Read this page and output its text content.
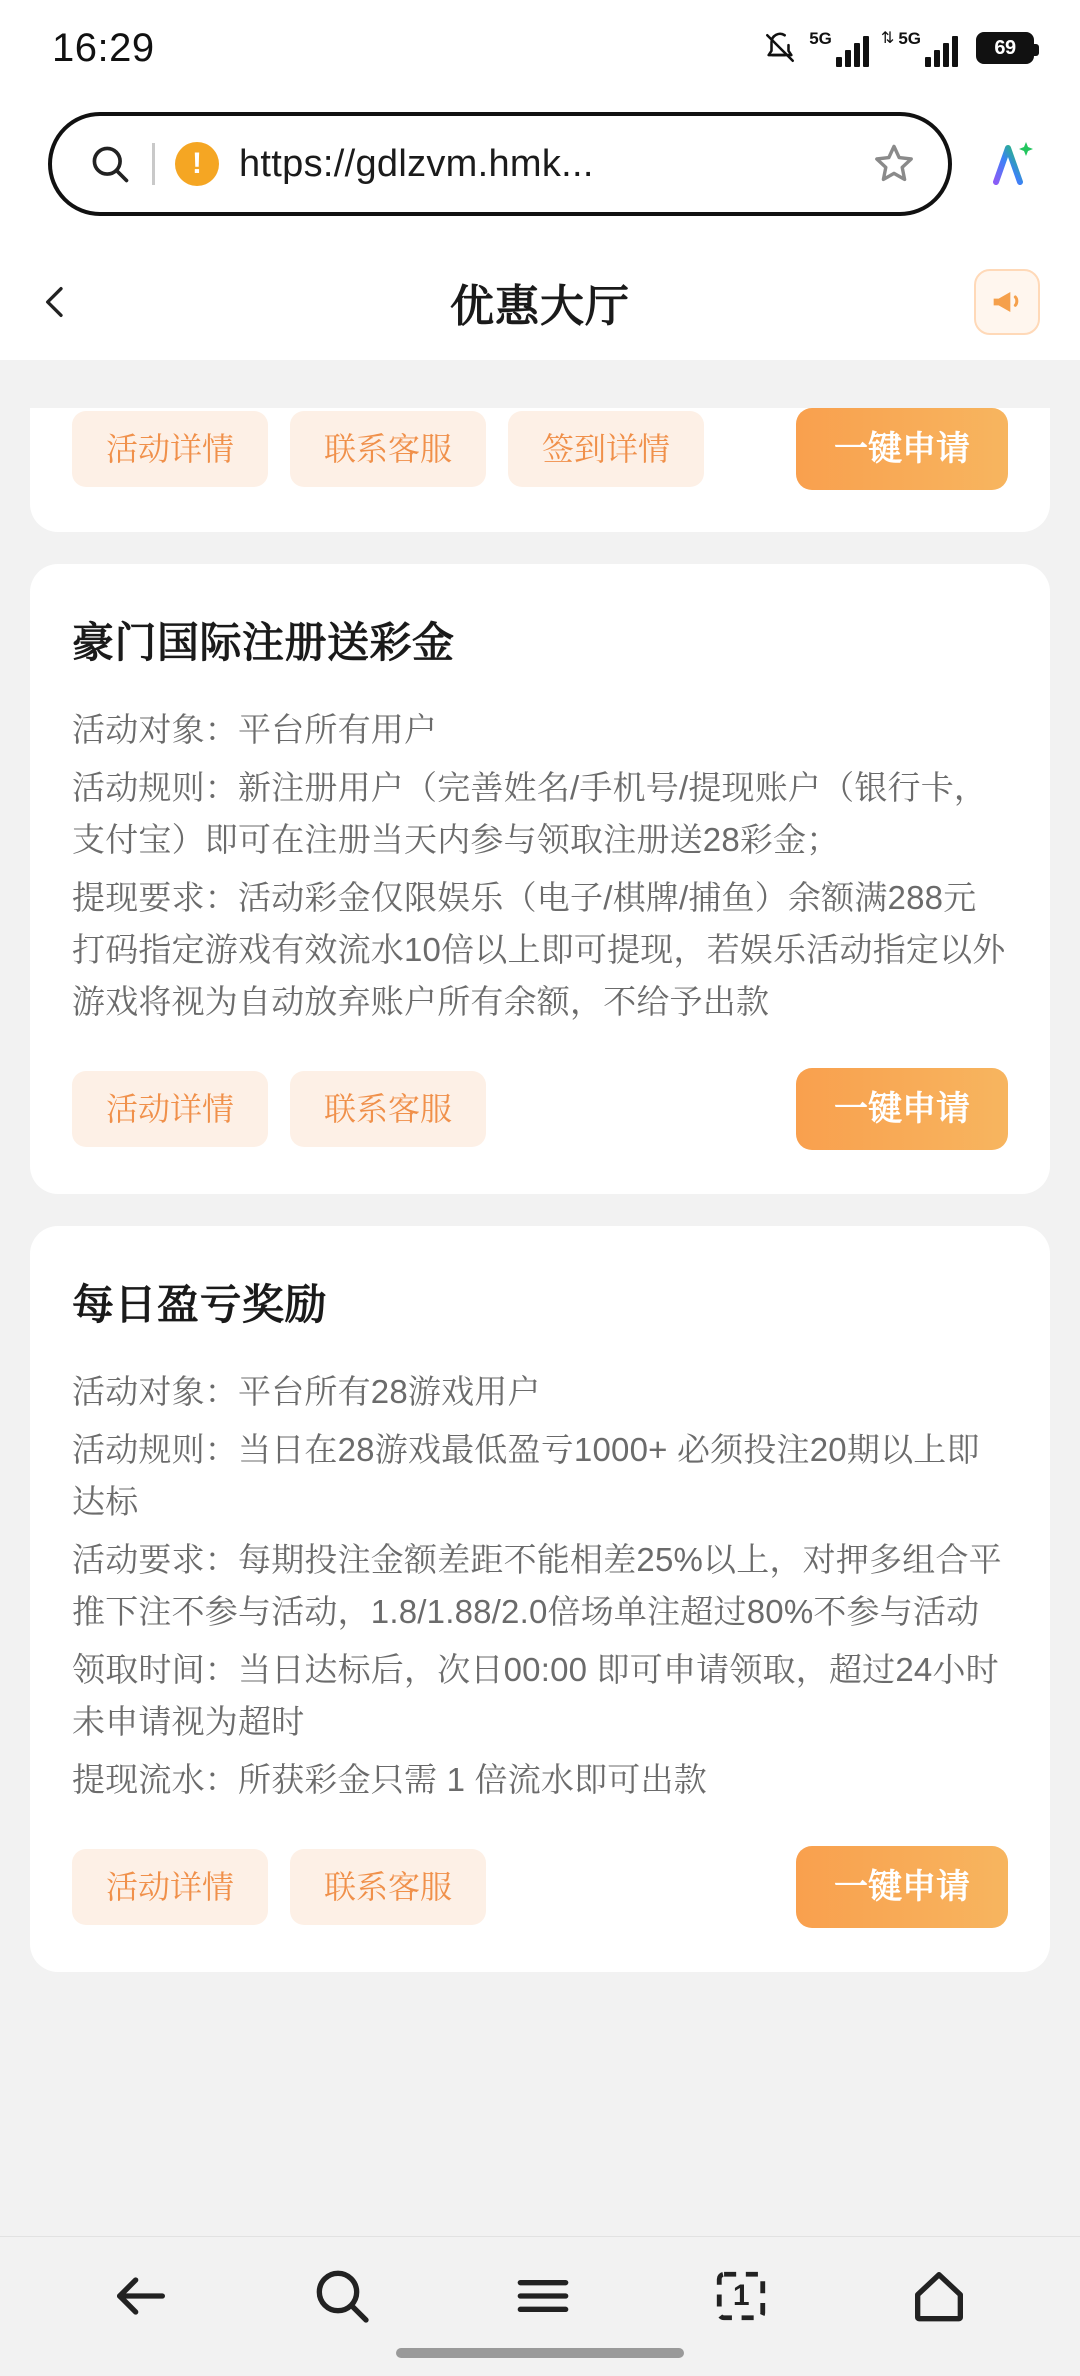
16:29	5G	⇅ 5G	69
! https://gdlzvm.hmk...
优惠大厅
活动详情	联系客服	签到详情	一键申请
豪门国际注册送彩金
活动对象：平台所有用户
活动规则：新注册用户（完善姓名/手机号/提现账户（银行卡，支付宝）即可在注册当天内参与领取注册送28彩金；
提现要求：活动彩金仅限娱乐（电子/棋牌/捕鱼）余额满288元打码指定游戏有效流水10倍以上即可提现，若娱乐活动指定以外游戏将视为自动放弃账户所有余额，不给予出款
活动详情	联系客服	一键申请
每日盈亏奖励
活动对象：平台所有28游戏用户
活动规则：当日在28游戏最低盈亏1000+ 必须投注20期以上即达标
活动要求：每期投注金额差距不能相差25%以上，对押多组合平推下注不参与活动，1.8/1.88/2.0倍场单注超过80%不参与活动
领取时间：当日达标后，次日00:00 即可申请领取，超过24小时未申请视为超时
提现流水：所获彩金只需 1 倍流水即可出款
活动详情	联系客服	一键申请
1
